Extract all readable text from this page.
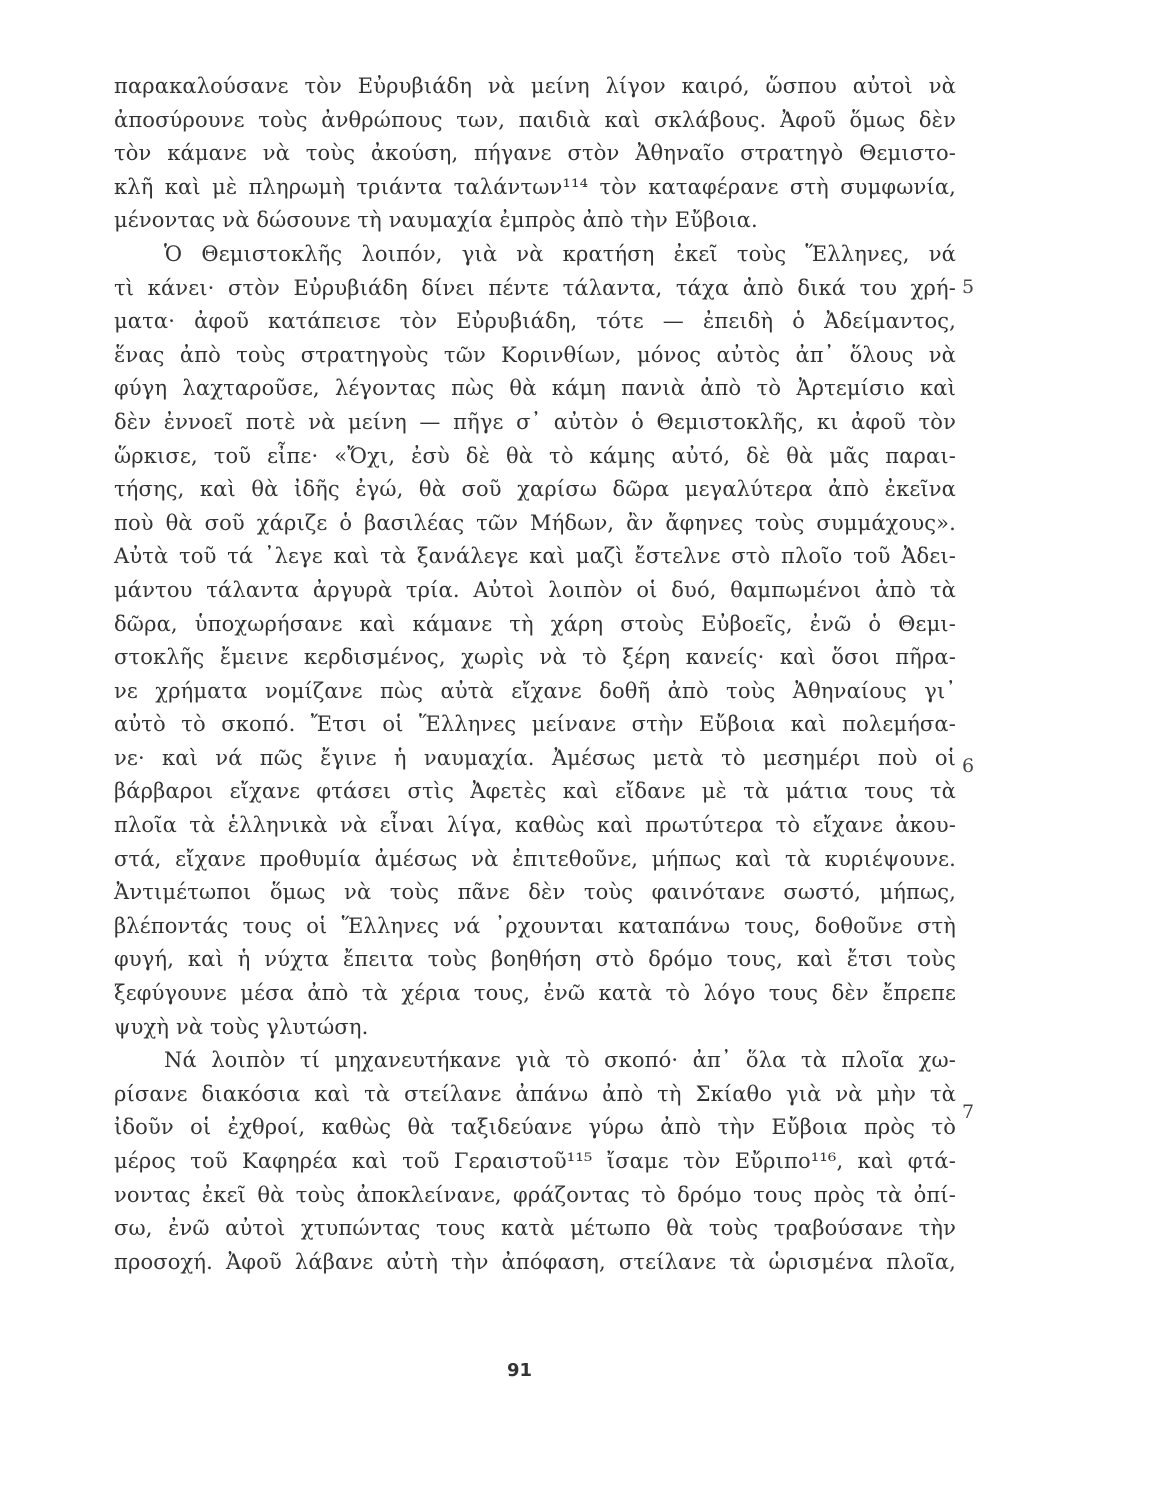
παρακαλούσανε τὸν Εὐρυβιάδη νὰ μείνη λίγον καιρό, ὥσπου αὐτοὶ νὰ
ἀποσύρουνε τοὺς ἀνθρώπους των, παιδιὰ καὶ σκλάβους. Ἀφοῦ ὅμως δὲν
τὸν κάμανε νὰ τοὺς ἀκούση, πήγανε στὸν Ἀθηναῖο στρατηγὸ Θεμιστο-
κλῆ καὶ μὲ πληρωμὴ τριάντα ταλάντων¹¹⁴ τὸν καταφέρανε στὴ συμφωνία,
μένοντας νὰ δώσουνε τὴ ναυμαχία ἐμπρὸς ἀπὸ τὴν Εὔβοια.
Ὁ Θεμιστοκλῆς λοιπόν, γιὰ νὰ κρατήση ἐκεῖ τοὺς Ἕλληνες, νά
τὶ κάνει· στὸν Εὐρυβιάδη δίνει πέντε τάλαντα, τάχα ἀπὸ δικά του χρή-
ματα· ἀφοῦ κατάπεισε τὸν Εὐρυβιάδη, τότε — ἐπειδὴ ὁ Ἀδείμαντος,
ἕνας ἀπὸ τοὺς στρατηγοὺς τῶν Κορινθίων, μόνος αὐτὸς ἀπ᾽ ὅλους νὰ
φύγη λαχταροῦσε, λέγοντας πὼς θὰ κάμη πανιὰ ἀπὸ τὸ Ἀρτεμίσιο καὶ
δὲν ἐννοεῖ ποτὲ νὰ μείνη — πῆγε σ᾽ αὐτὸν ὁ Θεμιστοκλῆς, κι ἀφοῦ τὸν
ὥρκισε, τοῦ εἶπε· «Ὄχι, ἐσὺ δὲ θὰ τὸ κάμης αὐτό, δὲ θὰ μᾶς παραι-
τήσης, καὶ θὰ ἰδῆς ἐγώ, θὰ σοῦ χαρίσω δῶρα μεγαλύτερα ἀπὸ ἐκεῖνα
ποὺ θὰ σοῦ χάριζε ὁ βασιλέας τῶν Μήδων, ἂν ἄφηνες τοὺς συμμάχους».
Αὐτὰ τοῦ τά ᾽λεγε καὶ τὰ ξανάλεγε καὶ μαζὶ ἔστελνε στὸ πλοῖο τοῦ Ἀδει-
μάντου τάλαντα ἀργυρὰ τρία. Αὐτοὶ λοιπὸν οἱ δυό, θαμπωμένοι ἀπὸ τὰ
δῶρα, ὑποχωρήσανε καὶ κάμανε τὴ χάρη στοὺς Εὐβοεῖς, ἐνῶ ὁ Θεμι-
στοκλῆς ἔμεινε κερδισμένος, χωρὶς νὰ τὸ ξέρη κανείς· καὶ ὅσοι πῆρα-
νε χρήματα νομίζανε πὼς αὐτὰ εἴχανε δοθῆ ἀπὸ τοὺς Ἀθηναίους γι᾽
αὐτὸ τὸ σκοπό. Ἔτσι οἱ Ἕλληνες μείνανε στὴν Εὔβοια καὶ πολεμήσα-
νε· καὶ νά πῶς ἔγινε ἡ ναυμαχία. Ἀμέσως μετὰ τὸ μεσημέρι ποὺ οἱ
βάρβαροι εἴχανε φτάσει στὶς Ἀφετὲς καὶ εἴδανε μὲ τὰ μάτια τους τὰ
πλοῖα τὰ ἑλληνικὰ νὰ εἶναι λίγα, καθὼς καὶ πρωτύτερα τὸ εἴχανε ἀκου-
στά, εἴχανε προθυμία ἀμέσως νὰ ἐπιτεθοῦνε, μήπως καὶ τὰ κυριέψουνε.
Ἀντιμέτωποι ὅμως νὰ τοὺς πᾶνε δὲν τοὺς φαινότανε σωστό, μήπως,
βλέποντάς τους οἱ Ἕλληνες νά ᾽ρχουνται καταπάνω τους, δοθοῦνε στὴ
φυγή, καὶ ἡ νύχτα ἔπειτα τοὺς βοηθήση στὸ δρόμο τους, καὶ ἔτσι τοὺς
ξεφύγουνε μέσα ἀπὸ τὰ χέρια τους, ἐνῶ κατὰ τὸ λόγο τους δὲν ἔπρεπε
ψυχὴ νὰ τοὺς γλυτώση.
Νά λοιπὸν τί μηχανευτήκανε γιὰ τὸ σκοπό· ἀπ᾽ ὅλα τὰ πλοῖα χω-
ρίσανε διακόσια καὶ τὰ στείλανε ἀπάνω ἀπὸ τὴ Σκίαθο γιὰ νὰ μὴν τὰ
ἰδοῦν οἱ ἐχθροί, καθὼς θὰ ταξιδεύανε γύρω ἀπὸ τὴν Εὔβοια πρὸς τὸ
μέρος τοῦ Καφηρέα καὶ τοῦ Γεραιστοῦ¹¹⁵ ἴσαμε τὸν Εὔριπο¹¹⁶, καὶ φτά-
νοντας ἐκεῖ θὰ τοὺς ἀποκλείνανε, φράζοντας τὸ δρόμο τους πρὸς τὰ ὀπί-
σω, ἐνῶ αὐτοὶ χτυπώντας τους κατὰ μέτωπο θὰ τοὺς τραβούσανε τὴν
προσοχή. Ἀφοῦ λάβανε αὐτὴ τὴν ἀπόφαση, στείλανε τὰ ὡρισμένα πλοῖα,
5
6
7
91
